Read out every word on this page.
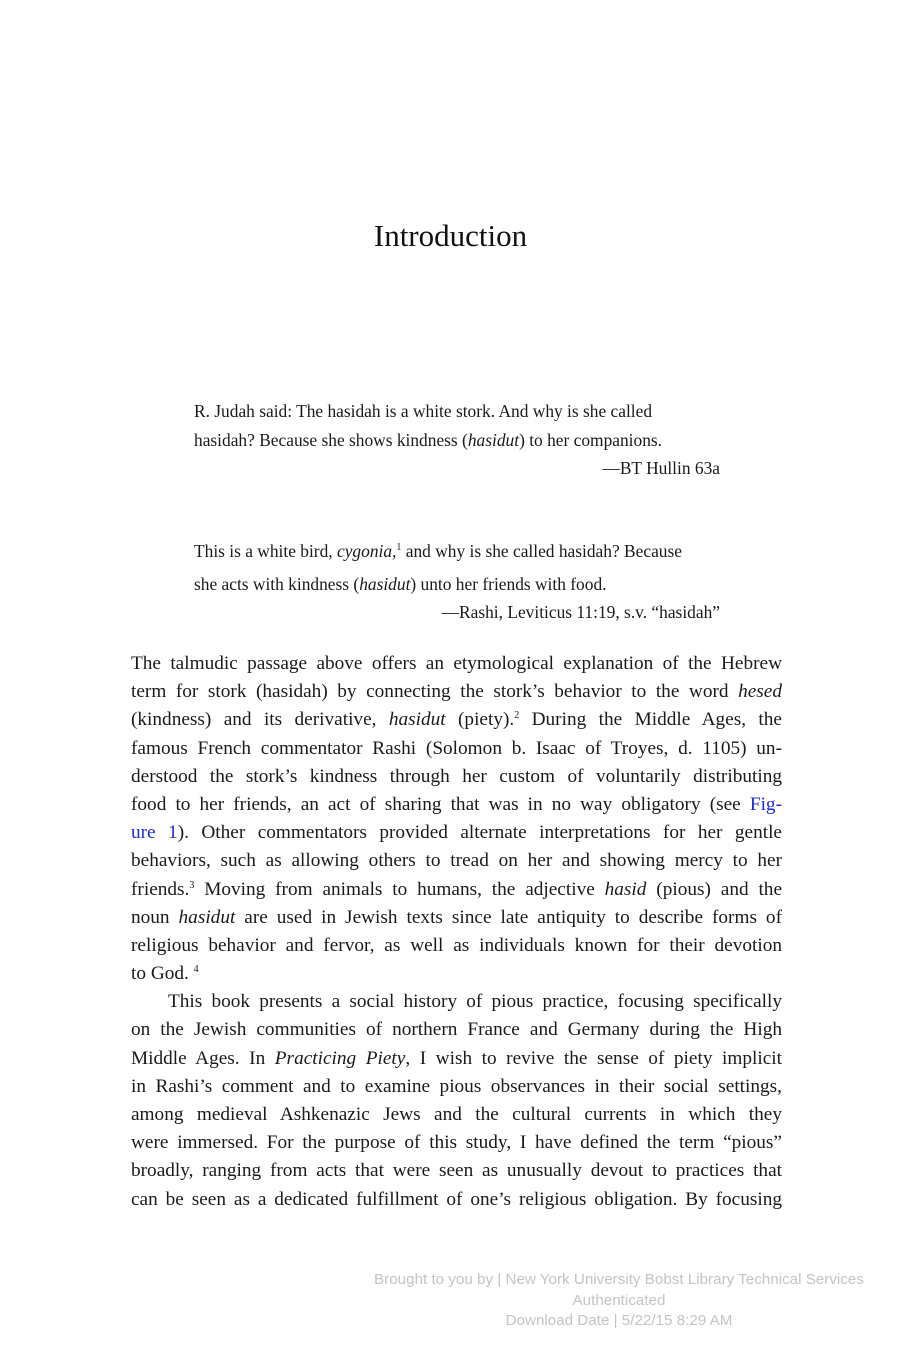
Introduction
R. Judah said: The hasidah is a white stork. And why is she called
hasidah? Because she shows kindness (hasidut) to her companions.
—BT Hullin 63a
This is a white bird, cygonia,$^1$ and why is she called hasidah? Because
she acts with kindness (hasidut) unto her friends with food.
—Rashi, Leviticus 11:19, s.v. “hasidah”
The talmudic passage above offers an etymological explanation of the Hebrew
term for stork (hasidah) by connecting the stork’s behavior to the word hesed
(kindness) and its derivative, hasidut (piety).$^2$ During the Middle Ages, the
famous French commentator Rashi (Solomon b. Isaac of Troyes, d. 1105) un-
derstood the stork’s kindness through her custom of voluntarily distributing
food to her friends, an act of sharing that was in no way obligatory (see Fig-
ure 1). Other commentators provided alternate interpretations for her gentle
behaviors, such as allowing others to tread on her and showing mercy to her
friends.$^3$ Moving from animals to humans, the adjective hasid (pious) and the
noun hasidut are used in Jewish texts since late antiquity to describe forms of
religious behavior and fervor, as well as individuals known for their devotion
to God. $^4$
This book presents a social history of pious practice, focusing specifically
on the Jewish communities of northern France and Germany during the High
Middle Ages. In Practicing Piety, I wish to revive the sense of piety implicit
in Rashi’s comment and to examine pious observances in their social settings,
among medieval Ashkenazic Jews and the cultural currents in which they
were immersed. For the purpose of this study, I have defined the term “pious”
broadly, ranging from acts that were seen as unusually devout to practices that
can be seen as a dedicated fulfillment of one’s religious obligation. By focusing
Brought to you by | New York University Bobst Library Technical Services
Authenticated
Download Date | 5/22/15 8:29 AM
